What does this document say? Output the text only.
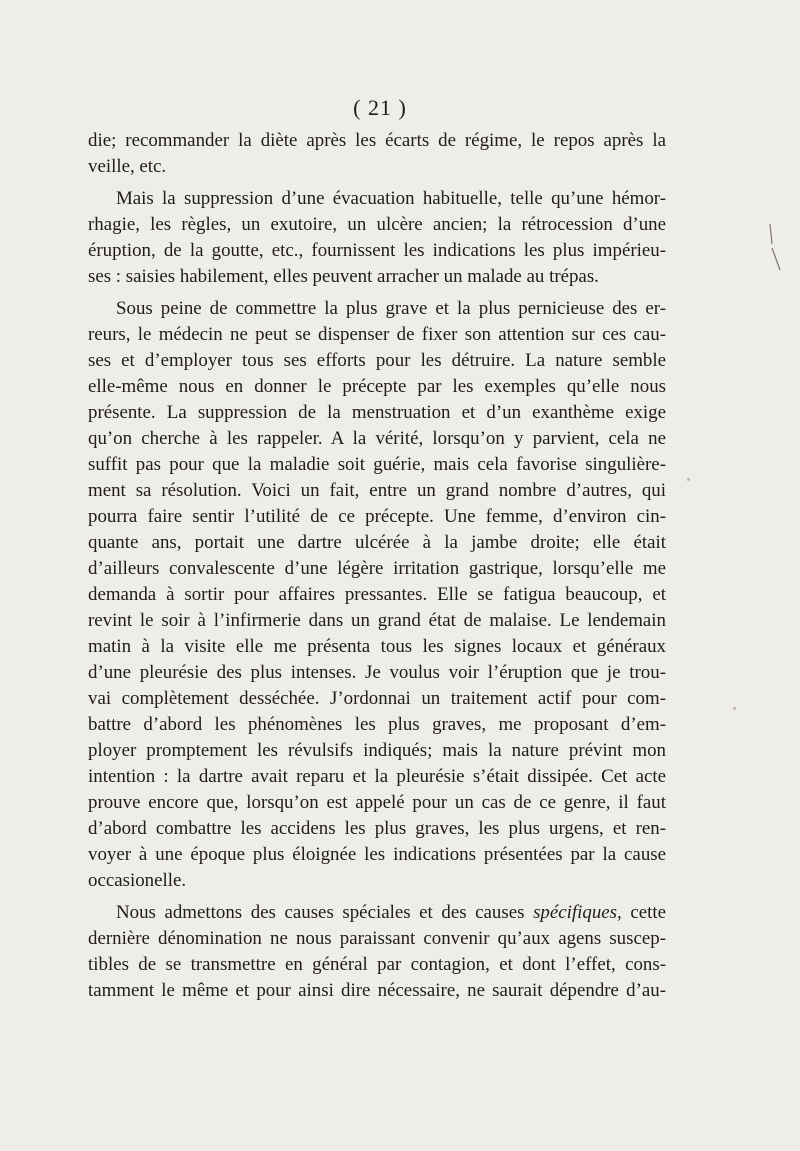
( 21 )
die; recommander la diète après les écarts de régime, le repos après la
veille, etc.
Mais la suppression d’une évacuation habituelle, telle qu’une hémor-
rhagie, les règles, un exutoire, un ulcère ancien; la rétrocession d’une
éruption, de la goutte, etc., fournissent les indications les plus impérieu-
ses : saisies habilement, elles peuvent arracher un malade au trépas.
Sous peine de commettre la plus grave et la plus pernicieuse des er-
reurs, le médecin ne peut se dispenser de fixer son attention sur ces cau-
ses et d’employer tous ses efforts pour les détruire. La nature semble
elle-même nous en donner le précepte par les exemples qu’elle nous
présente. La suppression de la menstruation et d’un exanthème exige
qu’on cherche à les rappeler. A la vérité, lorsqu’on y parvient, cela ne
suffit pas pour que la maladie soit guérie, mais cela favorise singulière-
ment sa résolution. Voici un fait, entre un grand nombre d’autres, qui
pourra faire sentir l’utilité de ce précepte. Une femme, d’environ cin-
quante ans, portait une dartre ulcérée à la jambe droite; elle était
d’ailleurs convalescente d’une légère irritation gastrique, lorsqu’elle me
demanda à sortir pour affaires pressantes. Elle se fatigua beaucoup, et
revint le soir à l’infirmerie dans un grand état de malaise. Le lendemain
matin à la visite elle me présenta tous les signes locaux et généraux
d’une pleurésie des plus intenses. Je voulus voir l’éruption que je trou-
vai complètement desséchée. J’ordonnai un traitement actif pour com-
battre d’abord les phénomènes les plus graves, me proposant d’em-
ployer promptement les révulsifs indiqués; mais la nature prévint mon
intention : la dartre avait reparu et la pleurésie s’était dissipée. Cet acte
prouve encore que, lorsqu’on est appelé pour un cas de ce genre, il faut
d’abord combattre les accidens les plus graves, les plus urgens, et ren-
voyer à une époque plus éloignée les indications présentées par la cause
occasionelle.
Nous admettons des causes spéciales et des causes spécifiques, cette
dernière dénomination ne nous paraissant convenir qu’aux agens suscep-
tibles de se transmettre en général par contagion, et dont l’effet, cons-
tamment le même et pour ainsi dire nécessaire, ne saurait dépendre d’au-
